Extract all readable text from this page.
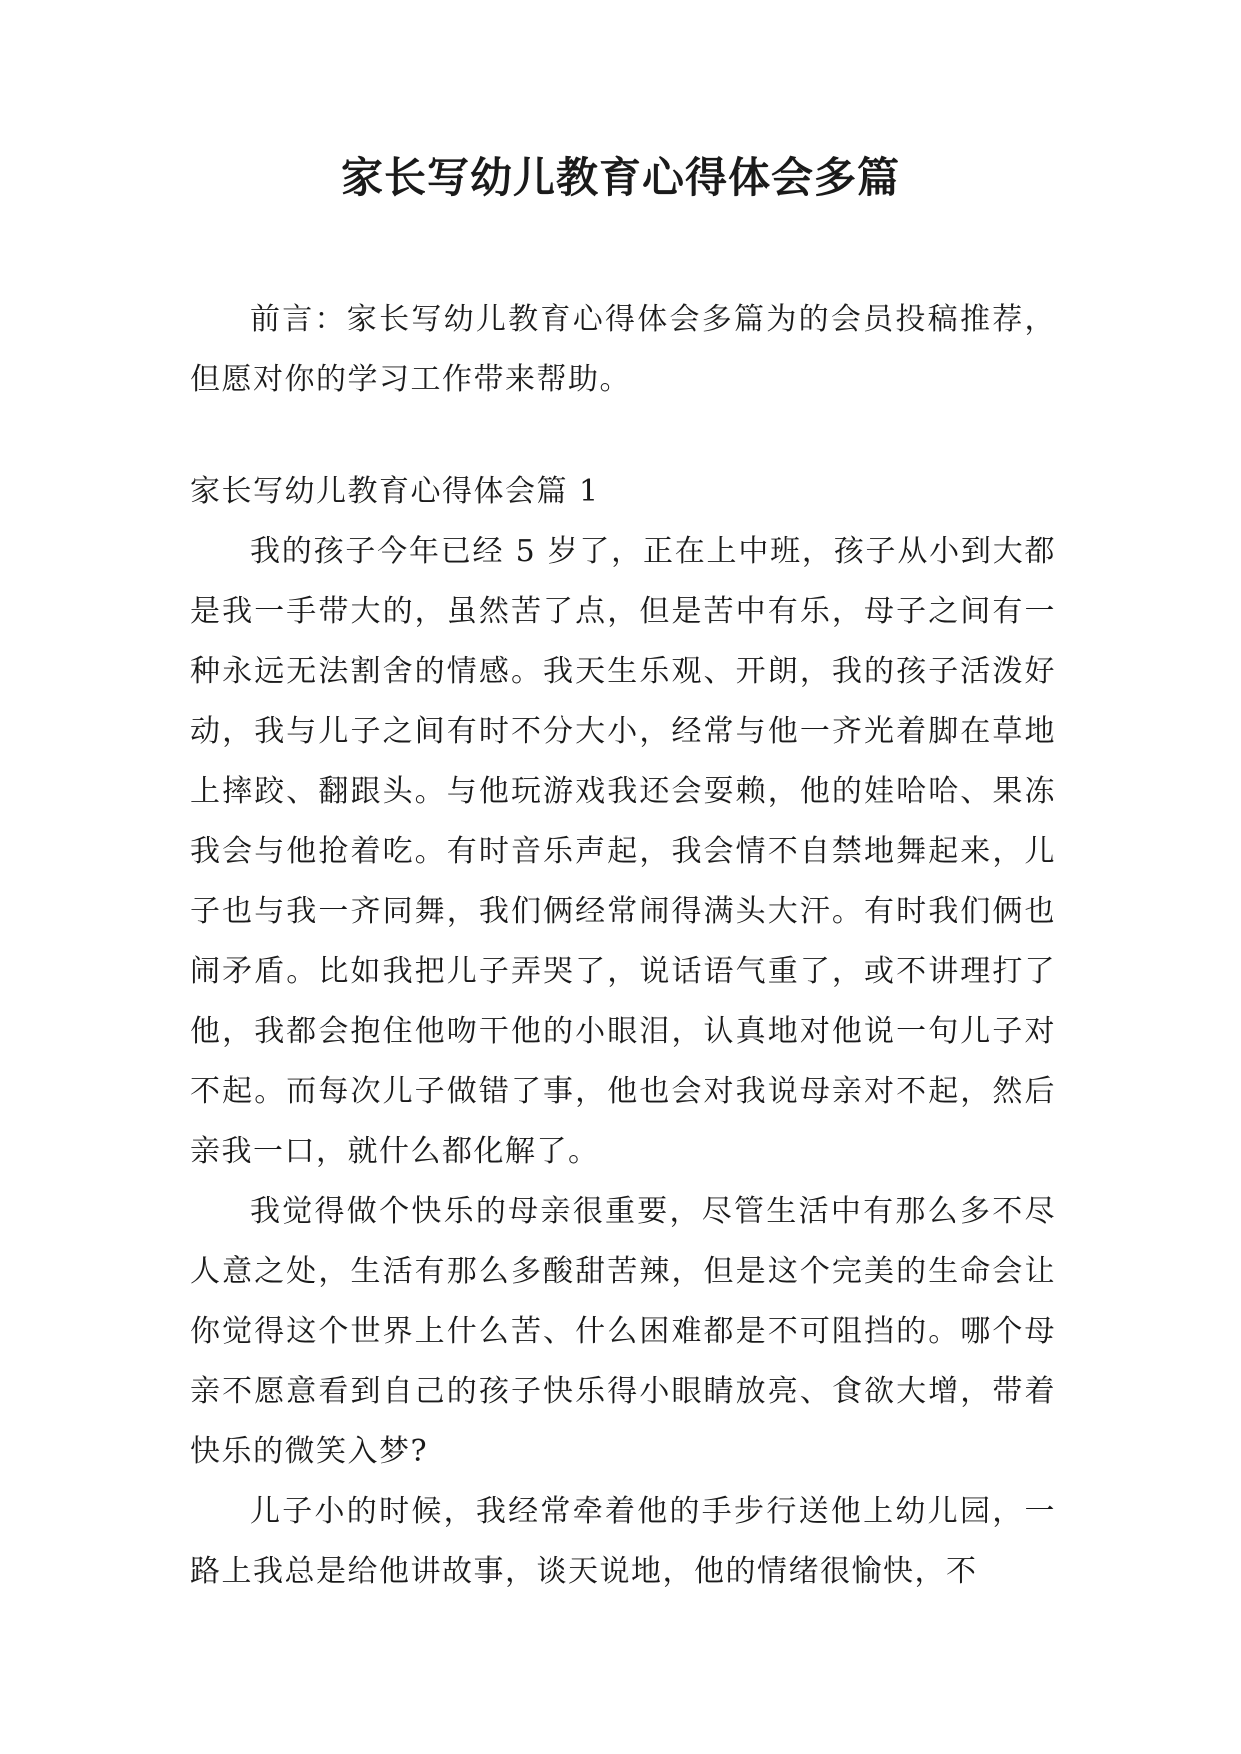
家长写幼儿教育心得体会多篇

前言：家长写幼儿教育心得体会多篇为的会员投稿推荐，但愿对你的学习工作带来帮助。

家长写幼儿教育心得体会篇 1

我的孩子今年已经 5 岁了，正在上中班，孩子从小到大都是我一手带大的，虽然苦了点，但是苦中有乐，母子之间有一种永远无法割舍的情感。我天生乐观、开朗，我的孩子活泼好动，我与儿子之间有时不分大小，经常与他一齐光着脚在草地上摔跤、翻跟头。与他玩游戏我还会耍赖，他的娃哈哈、果冻我会与他抢着吃。有时音乐声起，我会情不自禁地舞起来，儿子也与我一齐同舞，我们俩经常闹得满头大汗。有时我们俩也闹矛盾。比如我把儿子弄哭了，说话语气重了，或不讲理打了他，我都会抱住他吻干他的小眼泪，认真地对他说一句儿子对不起。而每次儿子做错了事，他也会对我说母亲对不起，然后亲我一口，就什么都化解了。

我觉得做个快乐的母亲很重要，尽管生活中有那么多不尽人意之处，生活有那么多酸甜苦辣，但是这个完美的生命会让你觉得这个世界上什么苦、什么困难都是不可阻挡的。哪个母亲不愿意看到自己的孩子快乐得小眼睛放亮、食欲大增，带着快乐的微笑入梦?

儿子小的时候，我经常牵着他的手步行送他上幼儿园，一路上我总是给他讲故事，谈天说地，他的情绪很愉快，不
